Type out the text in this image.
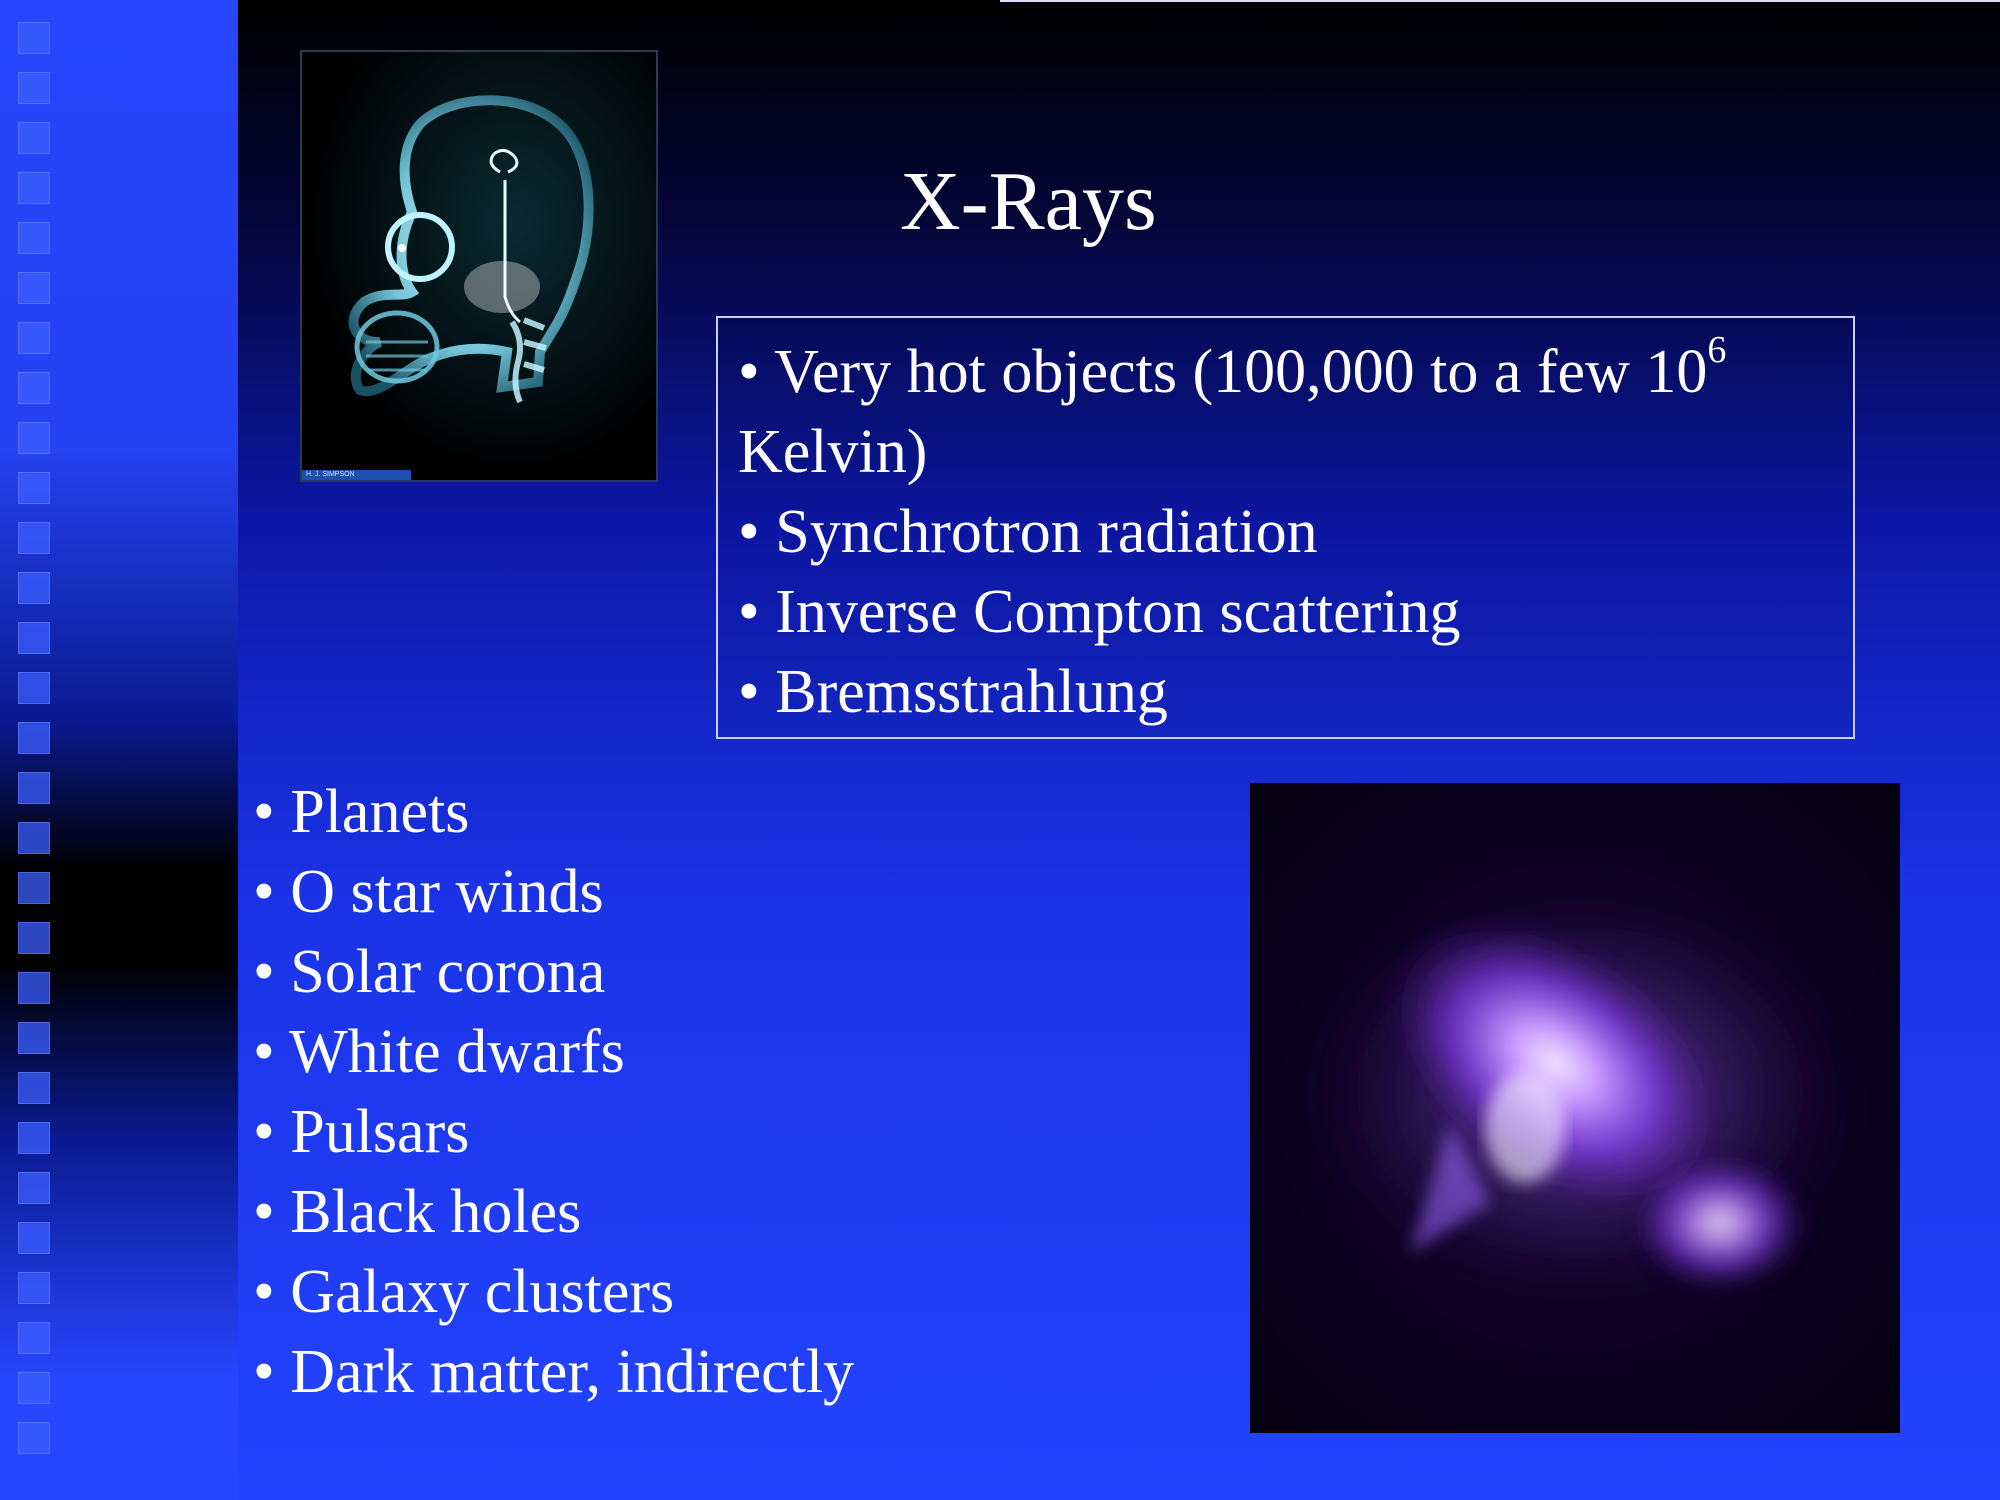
H. J. SIMPSON
X-Rays
• Very hot objects (100,000 to a few $10^6$
Kelvin)
• Synchrotron radiation
• Inverse Compton scattering
• Bremsstrahlung
• Planets
• O star winds
• Solar corona
• White dwarfs
• Pulsars
• Black holes
• Galaxy clusters
• Dark matter, indirectly
